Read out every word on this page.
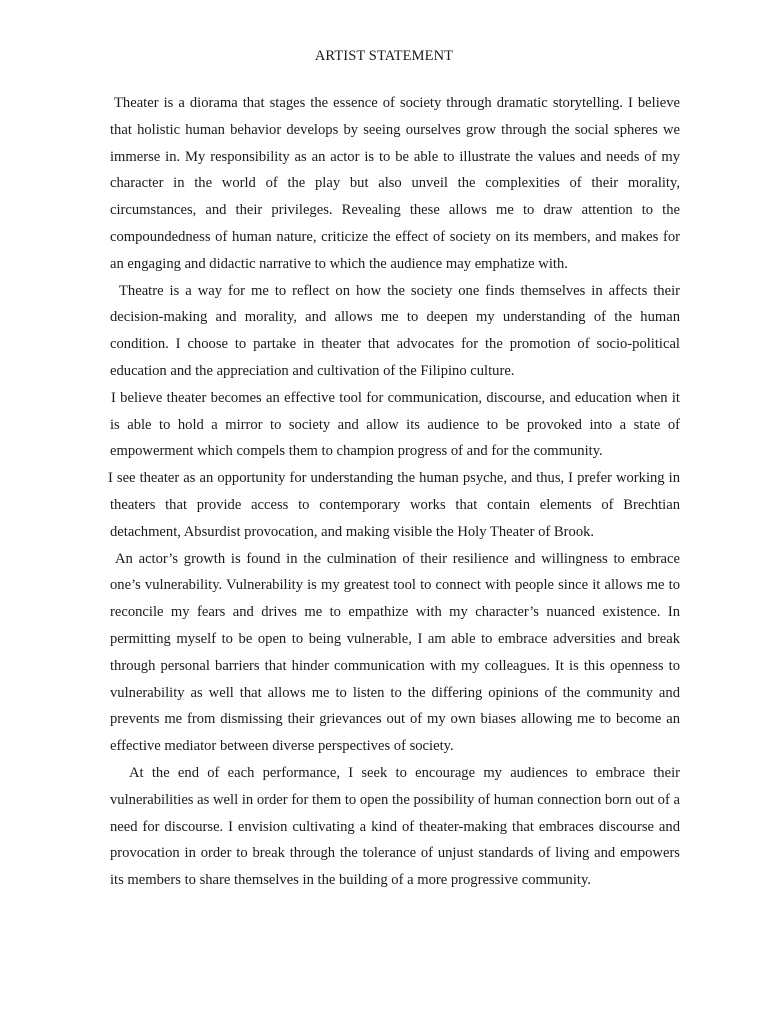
ARTIST STATEMENT

Theater is a diorama that stages the essence of society through dramatic storytelling. I believe that holistic human behavior develops by seeing ourselves grow through the social spheres we immerse in. My responsibility as an actor is to be able to illustrate the values and needs of my character in the world of the play but also unveil the complexities of their morality, circumstances, and their privileges. Revealing these allows me to draw attention to the compoundedness of human nature, criticize the effect of society on its members, and makes for an engaging and didactic narrative to which the audience may emphatize with.

Theatre is a way for me to reflect on how the society one finds themselves in affects their decision-making and morality, and allows me to deepen my understanding of the human condition. I choose to partake in theater that advocates for the promotion of socio-political education and the appreciation and cultivation of the Filipino culture.

I believe theater becomes an effective tool for communication, discourse, and education when it is able to hold a mirror to society and allow its audience to be provoked into a state of empowerment which compels them to champion progress of and for the community.

I see theater as an opportunity for understanding the human psyche, and thus, I prefer working in theaters that provide access to contemporary works that contain elements of Brechtian detachment, Absurdist provocation, and making visible the Holy Theater of Brook.

An actor’s growth is found in the culmination of their resilience and willingness to embrace one’s vulnerability. Vulnerability is my greatest tool to connect with people since it allows me to reconcile my fears and drives me to empathize with my character’s nuanced existence. In permitting myself to be open to being vulnerable, I am able to embrace adversities and break through personal barriers that hinder communication with my colleagues. It is this openness to vulnerability as well that allows me to listen to the differing opinions of the community and prevents me from dismissing their grievances out of my own biases allowing me to become an effective mediator between diverse perspectives of society.

At the end of each performance, I seek to encourage my audiences to embrace their vulnerabilities as well in order for them to open the possibility of human connection born out of a need for discourse. I envision cultivating a kind of theater-making that embraces discourse and provocation in order to break through the tolerance of unjust standards of living and empowers its members to share themselves in the building of a more progressive community.
